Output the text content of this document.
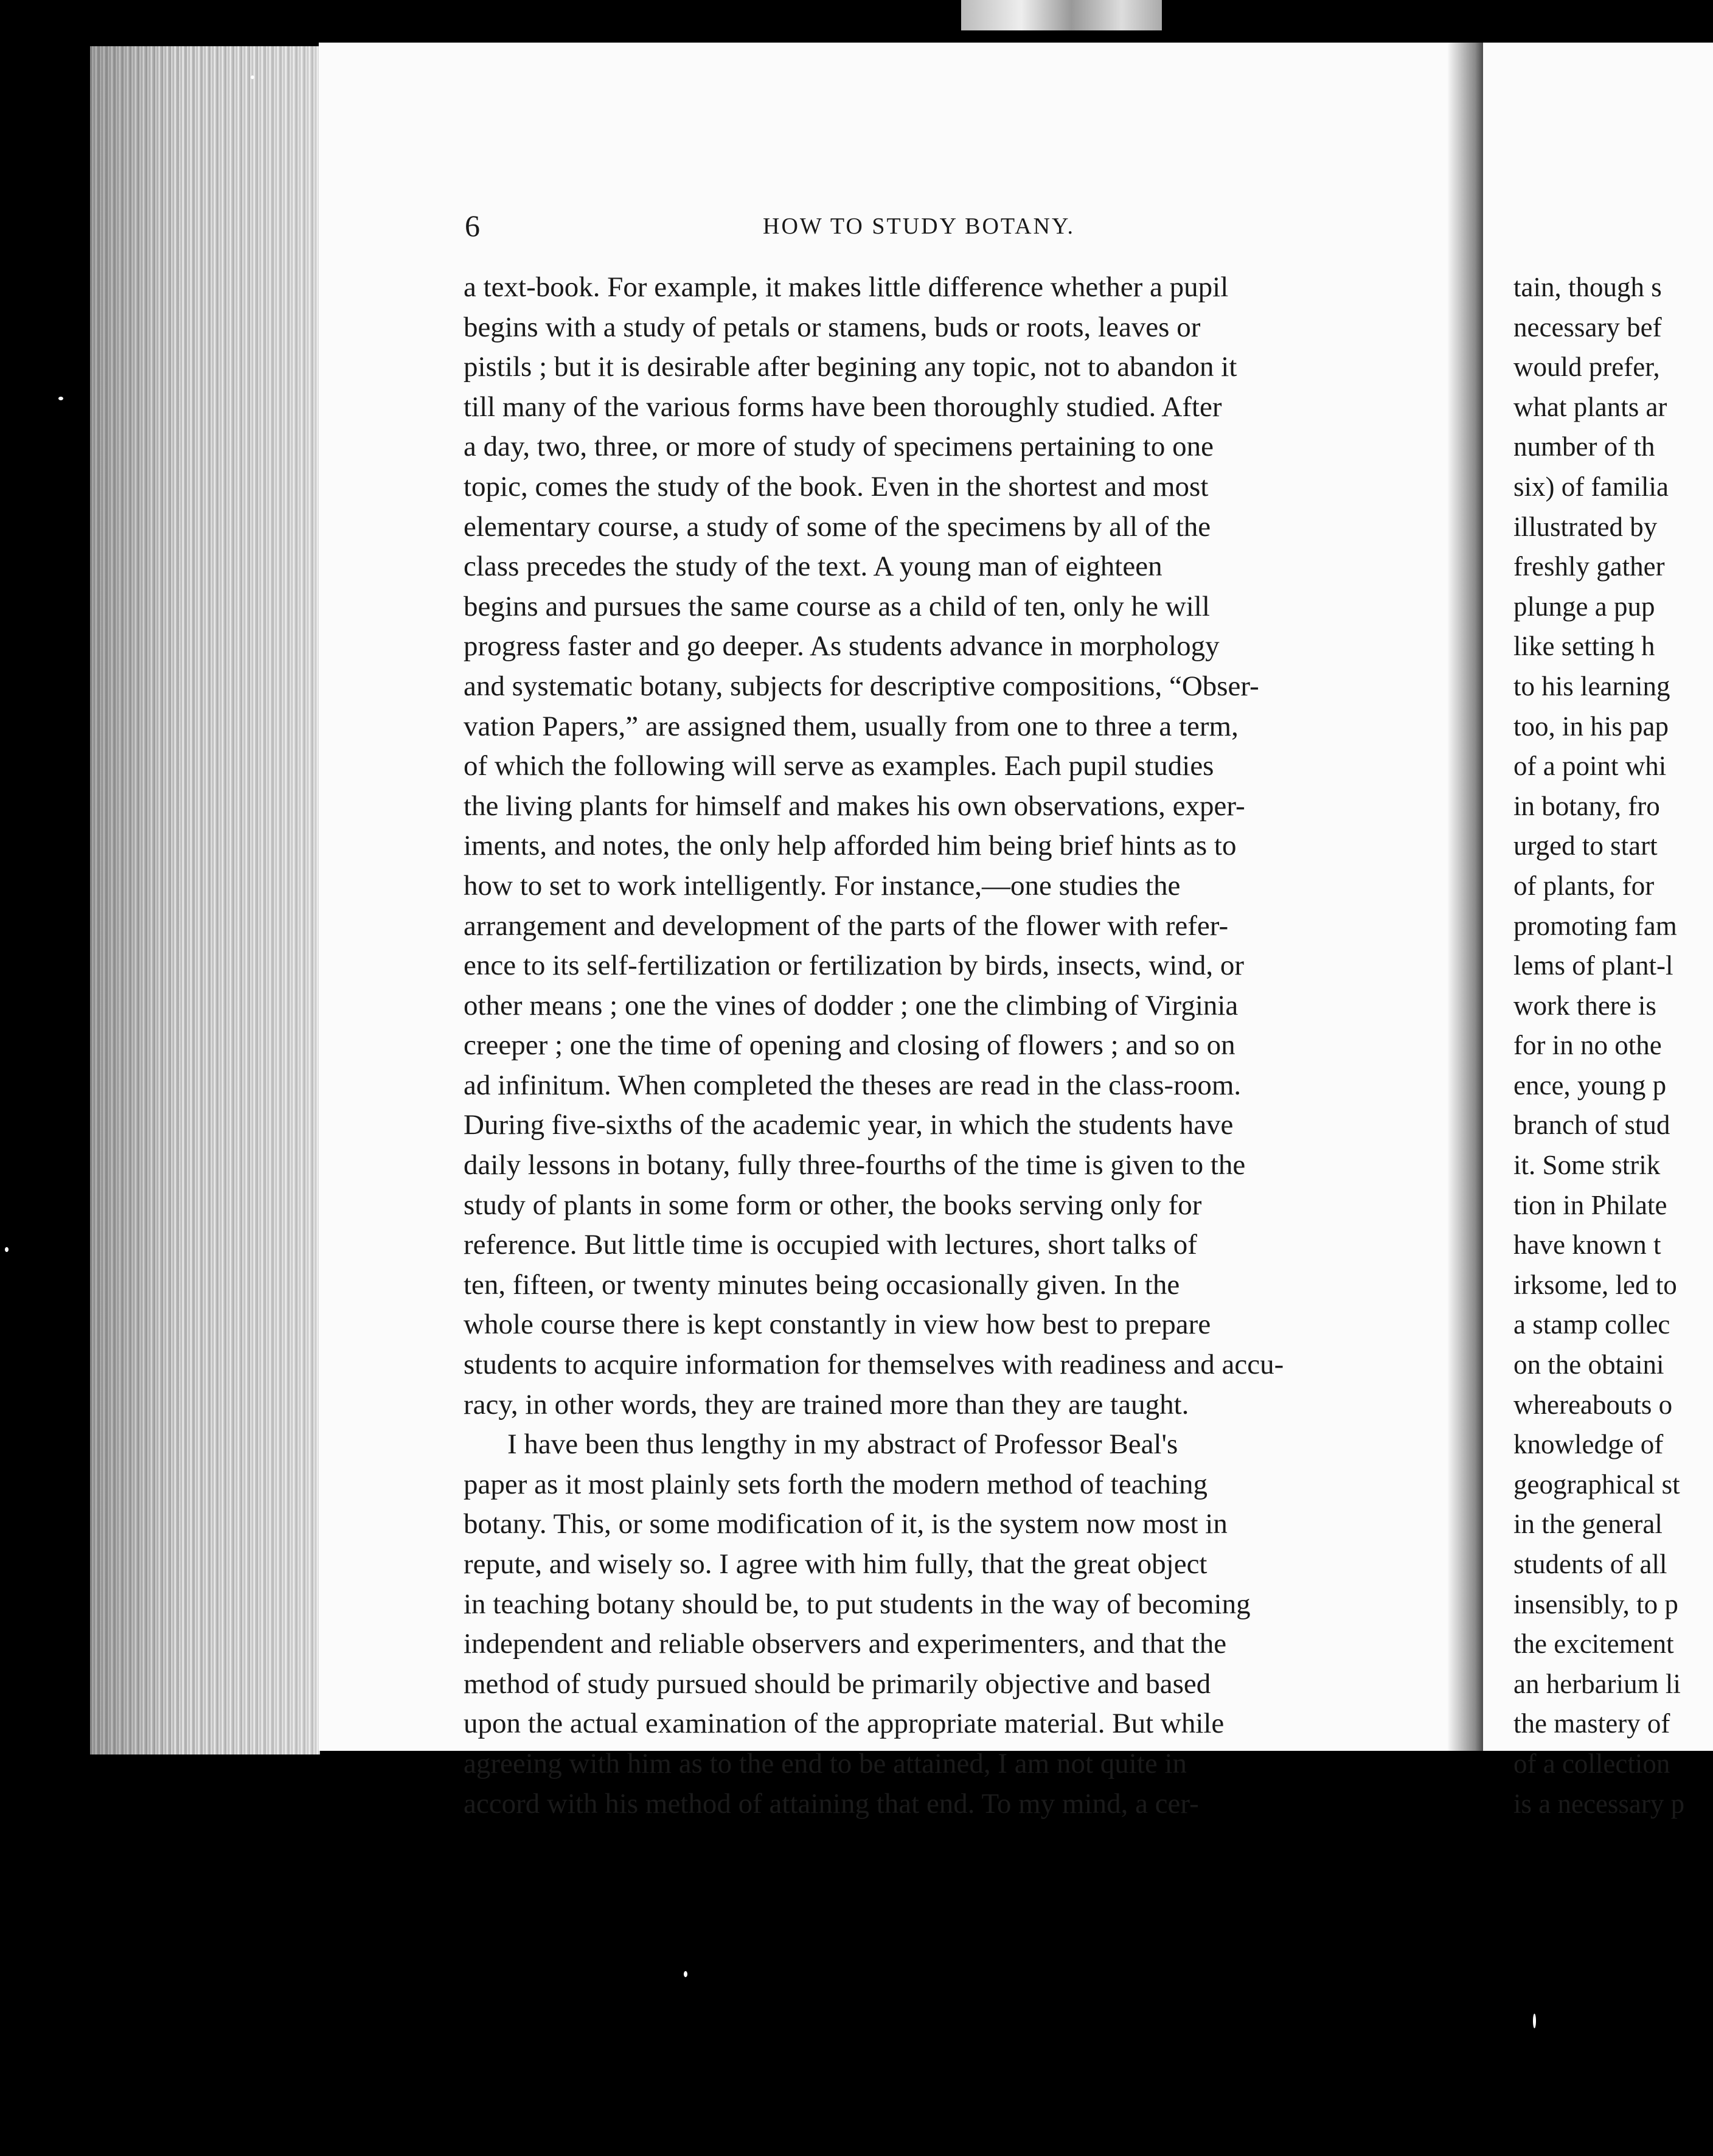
6	HOW TO STUDY BOTANY.
a text-book. For example, it makes little difference whether a pupil
begins with a study of petals or stamens, buds or roots, leaves or
pistils ; but it is desirable after begining any topic, not to abandon it
till many of the various forms have been thoroughly studied. After
a day, two, three, or more of study of specimens pertaining to one
topic, comes the study of the book. Even in the shortest and most
elementary course, a study of some of the specimens by all of the
class precedes the study of the text. A young man of eighteen
begins and pursues the same course as a child of ten, only he will
progress faster and go deeper. As students advance in morphology
and systematic botany, subjects for descriptive compositions, “Obser-
vation Papers,” are assigned them, usually from one to three a term,
of which the following will serve as examples. Each pupil studies
the living plants for himself and makes his own observations, exper-
iments, and notes, the only help afforded him being brief hints as to
how to set to work intelligently. For instance,—one studies the
arrangement and development of the parts of the flower with refer-
ence to its self-fertilization or fertilization by birds, insects, wind, or
other means ; one the vines of dodder ; one the climbing of Virginia
creeper ; one the time of opening and closing of flowers ; and so on
ad infinitum. When completed the theses are read in the class-room.
During five-sixths of the academic year, in which the students have
daily lessons in botany, fully three-fourths of the time is given to the
study of plants in some form or other, the books serving only for
reference. But little time is occupied with lectures, short talks of
ten, fifteen, or twenty minutes being occasionally given. In the
whole course there is kept constantly in view how best to prepare
students to acquire information for themselves with readiness and accu-
racy, in other words, they are trained more than they are taught.
I have been thus lengthy in my abstract of Professor Beal's
paper as it most plainly sets forth the modern method of teaching
botany. This, or some modification of it, is the system now most in
repute, and wisely so. I agree with him fully, that the great object
in teaching botany should be, to put students in the way of becoming
independent and reliable observers and experimenters, and that the
method of study pursued should be primarily objective and based
upon the actual examination of the appropriate material. But while
agreeing with him as to the end to be attained, I am not quite in
accord with his method of attaining that end. To my mind, a cer-
tain, though s
necessary bef
would prefer,
what plants ar
number of th
six) of familia
illustrated by
freshly gather
plunge a pup
like setting h
to his learning
too, in his pap
of a point whi
in botany, fro
urged to start
of plants, for
promoting fam
lems of plant-l
work there is
for in no othe
ence, young p
branch of stud
it. Some strik
tion in Philate
have known t
irksome, led to
a stamp collec
on the obtaini
whereabouts o
knowledge of
geographical st
in the general
students of all
insensibly, to p
the excitement
an herbarium li
the mastery of
of a collection
is a necessary p
